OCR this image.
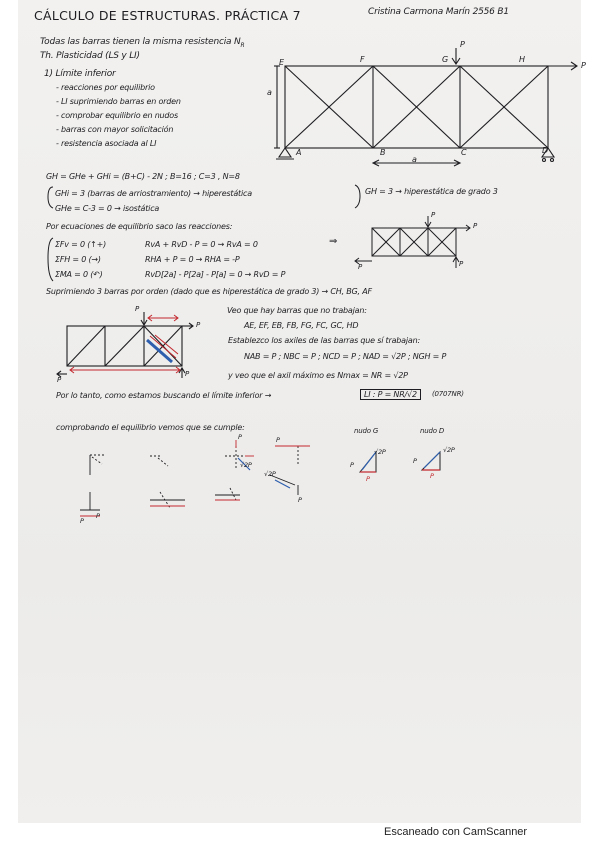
CÁLCULO DE ESTRUCTURAS. PRÁCTICA 7	Cristina Carmona Marín 2556 B1
Todas las barras tienen la misma resistencia $N_R$
Th. Plasticidad (LS y LI)
1) Límite inferior
- reacciones por equilibrio
- LI suprimiendo barras en orden
- comprobar equilibrio en nudos
- barras con mayor solicitación
- resistencia asociada al LI
E	F	G	H
A	B	C	D
P
P
a
a
GH = GHe + GHi = (B+C) - 2N ; B=16 ; C=3 , N=8
GHi = 3 (barras de arriostramiento) → hiperestática
GHe = C-3 = 0 → isostática
GH = 3 → hiperestática de grado 3
Por ecuaciones de equilibrio saco las reacciones:
ΣFv = 0 (↑+)	RvA + RvD - P = 0 ⇝ RvA = 0
ΣFH = 0 (→)	RHA + P = 0 → RHA = -P
ΣMA = 0 (↶)	RvD[2a] - P[2a] - P[a] = 0 → RvD = P
⇒
P
P
P	P
Suprimiendo 3 barras por orden (dado que es hiperestática de grado 3) → CH, BG, AF
P
P
P
P
Veo que hay barras que no trabajan:
AE, EF, EB, FB, FG, FC, GC, HD
Establezco los axiles de las barras que sí trabajan:
NAB = P ; NBC = P ; NCD = P ; NAD = √2P ; NGH = P
y veo que el axil máximo es Nmax = NR = √2P
Por lo tanto, como estamos buscando el límite inferior →	LI : P = NR/√2	(0707NR)
comprobando el equilibrio vemos que se cumple:	nudo G	nudo D
P
√2P
P
√2P
P
P
P
P
P
√2P
P
P
√2P
Escaneado con CamScanner
